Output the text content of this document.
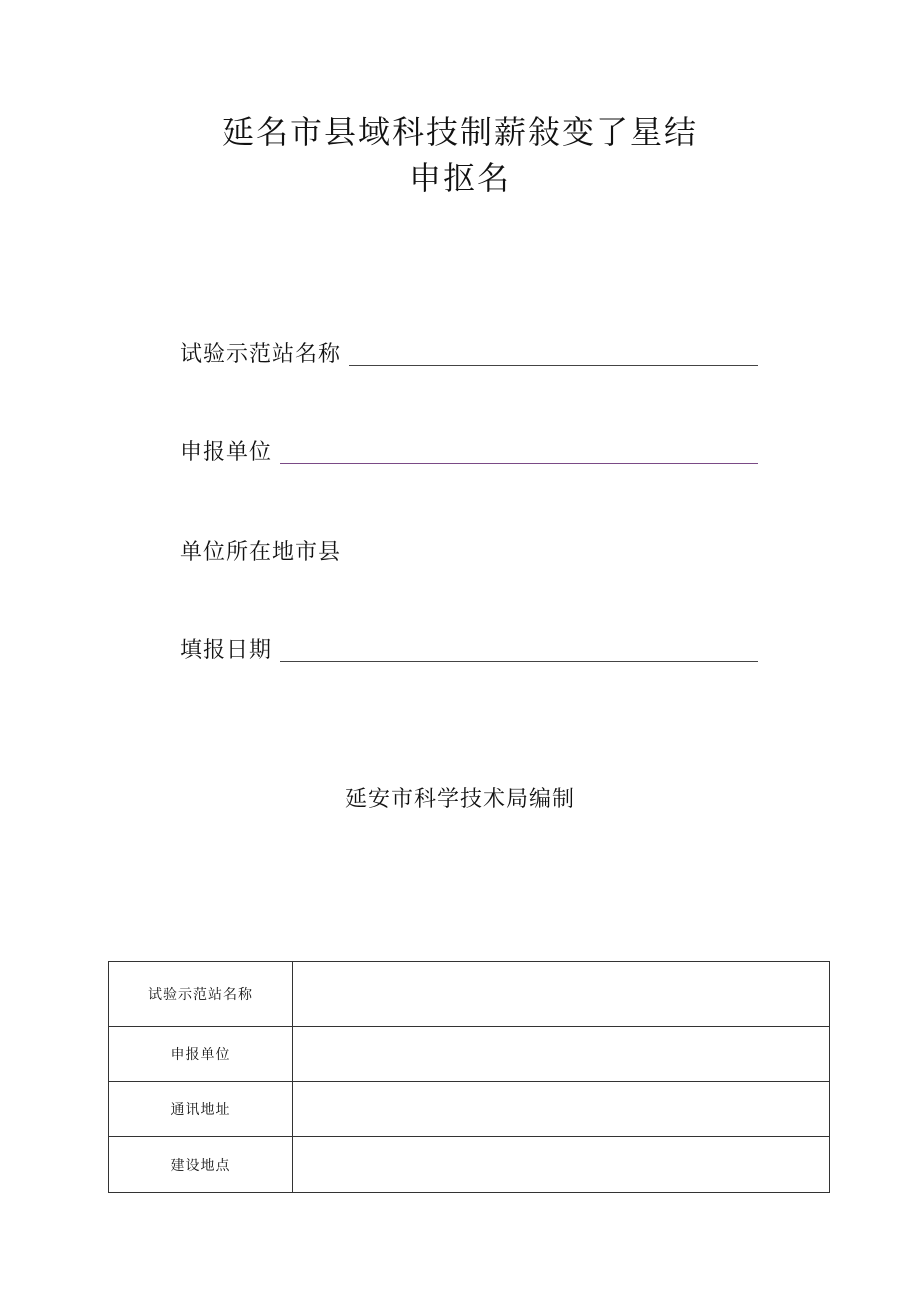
延名市县域科技制薪敍变了星结
申抠名
试验示范站名称
申报单位
单位所在地市县
填报日期
延安市科学技术局编制
试验示范站名称	
申报单位	
通讯地址	
建设地点	
